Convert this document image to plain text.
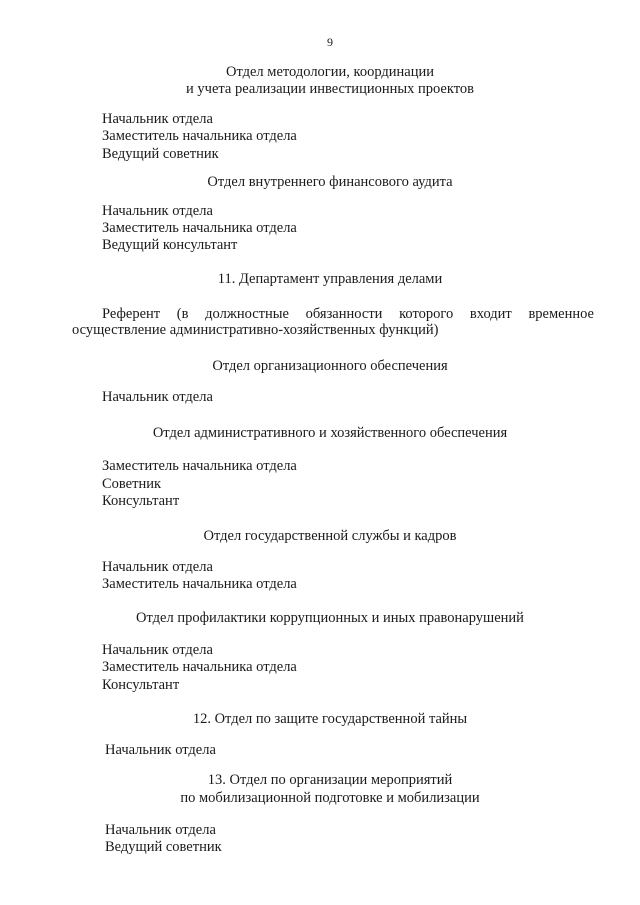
9
Отдел методологии, координации
и учета реализации инвестиционных проектов
Начальник отдела
Заместитель начальника отдела
Ведущий советник
Отдел внутреннего финансового аудита
Начальник отдела
Заместитель начальника отдела
Ведущий консультант
11. Департамент управления делами
Референт (в должностные обязанности которого входит временное
осуществление административно-хозяйственных функций)
Отдел организационного обеспечения
Начальник отдела
Отдел административного и хозяйственного обеспечения
Заместитель начальника отдела
Советник
Консультант
Отдел государственной службы и кадров
Начальник отдела
Заместитель начальника отдела
Отдел профилактики коррупционных и иных правонарушений
Начальник отдела
Заместитель начальника отдела
Консультант
12. Отдел по защите государственной тайны
Начальник отдела
13. Отдел по организации мероприятий
по мобилизационной подготовке и мобилизации
Начальник отдела
Ведущий советник
